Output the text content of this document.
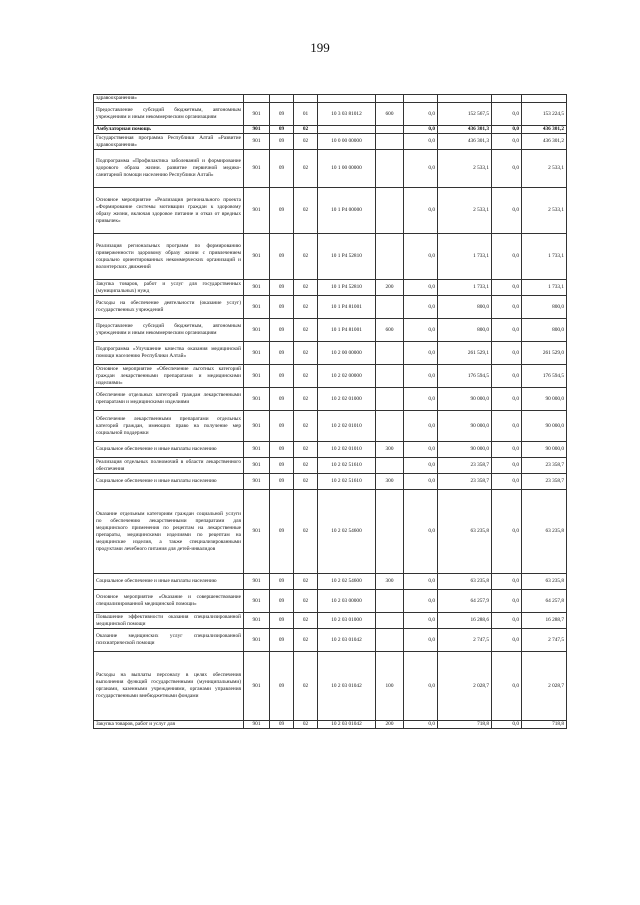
199
здравоохранения»									
Предоставление субсидий бюджетным, автономным учреждениям и иным некоммерческим организациям	901	09	01	10 3 03 81012	600	0,0	152 567,5	0,0	153 224,5
Амбулаторная помощь	901	09	02			0,0	436 301,3	0,0	436 301,2
Государственная программа Республики Алтай «Развитие здравоохранения»	901	09	02	10 0 00 00000		0,0	436 301,3	0,0	436 301,2
Подпрограмма «Профилактика заболеваний и формирование здорового образа жизни. развитие первичной медико-санитарной помощи населению Республики Алтай»	901	09	02	10 1 00 00000		0,0	2 533,1	0,0	2 533,1
Основное мероприятие «Реализация регионального проекта «Формирование системы мотивации граждан к здоровому образу жизни, включая здоровое питание и отказ от вредных привычек»	901	09	02	10 1 P4 00000		0,0	2 533,1	0,0	2 533,1
Реализация региональных программ по формированию приверженности здоровому образу жизни с привлечением социально ориентированных некоммерческих организаций и волонтерских движений	901	09	02	10 1 P4 52810		0,0	1 733,1	0,0	1 733,1
Закупка товаров, работ и услуг для государственных (муниципальных) нужд	901	09	02	10 1 P4 52810	200	0,0	1 733,1	0,0	1 733,1
Расходы на обеспечение деятельности (оказание услуг) государственных учреждений	901	09	02	10 1 P4 81001		0,0	800,0	0,0	800,0
Предоставление субсидий бюджетным, автономным учреждениям и иным некоммерческим организациям	901	09	02	10 1 P4 81001	600	0,0	800,0	0,0	800,0
Подпрограмма «Улучшение качества оказания медицинской помощи населению Республики Алтай»	901	09	02	10 2 00 00000		0,0	261 529,1	0,0	261 529,0
Основное мероприятие «Обеспечение льготных категорий граждан лекарственными препаратами и медицинскими изделиями»	901	09	02	10 2 02 00000		0,0	176 594,5	0,0	176 594,5
Обеспечение отдельных категорий граждан лекарственными препаратами и медицинскими изделиями	901	09	02	10 2 02 01000		0,0	90 000,0	0,0	90 000,0
Обеспечение лекарственными препаратами отдельных категорий граждан, имеющих право на получение мер социальной поддержки	901	09	02	10 2 02 01010		0,0	90 000,0	0,0	90 000,0
Социальное обеспечение и иные выплаты населению	901	09	02	10 2 02 01010	300	0,0	90 000,0	0,0	90 000,0
Реализация отдельных полномочий в области лекарственного обеспечения	901	09	02	10 2 02 51610		0,0	23 358,7	0,0	23 358,7
Социальное обеспечение и иные выплаты населению	901	09	02	10 2 02 51610	300	0,0	23 358,7	0,0	23 358,7
Оказание отдельным категориям граждан социальной услуги по обеспечению лекарственными препаратами для медицинского применения по рецептам на лекарственные препараты, медицинскими изделиями по рецептам на медицинские изделия, а также специализированными продуктами лечебного питания для детей-инвалидов	901	09	02	10 2 02 54600		0,0	63 235,8	0,0	63 235,8
Социальное обеспечение и иные выплаты населению	901	09	02	10 2 02 54600	300	0,0	63 235,8	0,0	63 235,8
Основное мероприятие «Оказание и совершенствование специализированной медицинской помощи»	901	09	02	10 2 03 00000		0,0	64 257,9	0,0	64 257,8
Повышение эффективности оказания специализированной медицинской помощи	901	09	02	10 2 03 01000		0,0	16 288,6	0,0	16 288,7
Оказание медицинских услуг специализированной психиатрической помощи	901	09	02	10 2 03 01042		0,0	2 747,5	0,0	2 747,5
Расходы на выплаты персоналу в целях обеспечения выполнения функций государственными (муниципальными) органами, казенными учреждениями, органами управления государственными внебюджетными фондами	901	09	02	10 2 03 01042	100	0,0	2 028,7	0,0	2 028,7
Закупка товаров, работ и услуг для	901	09	02	10 2 03 01042	200	0,0	718,8	0,0	718,8
